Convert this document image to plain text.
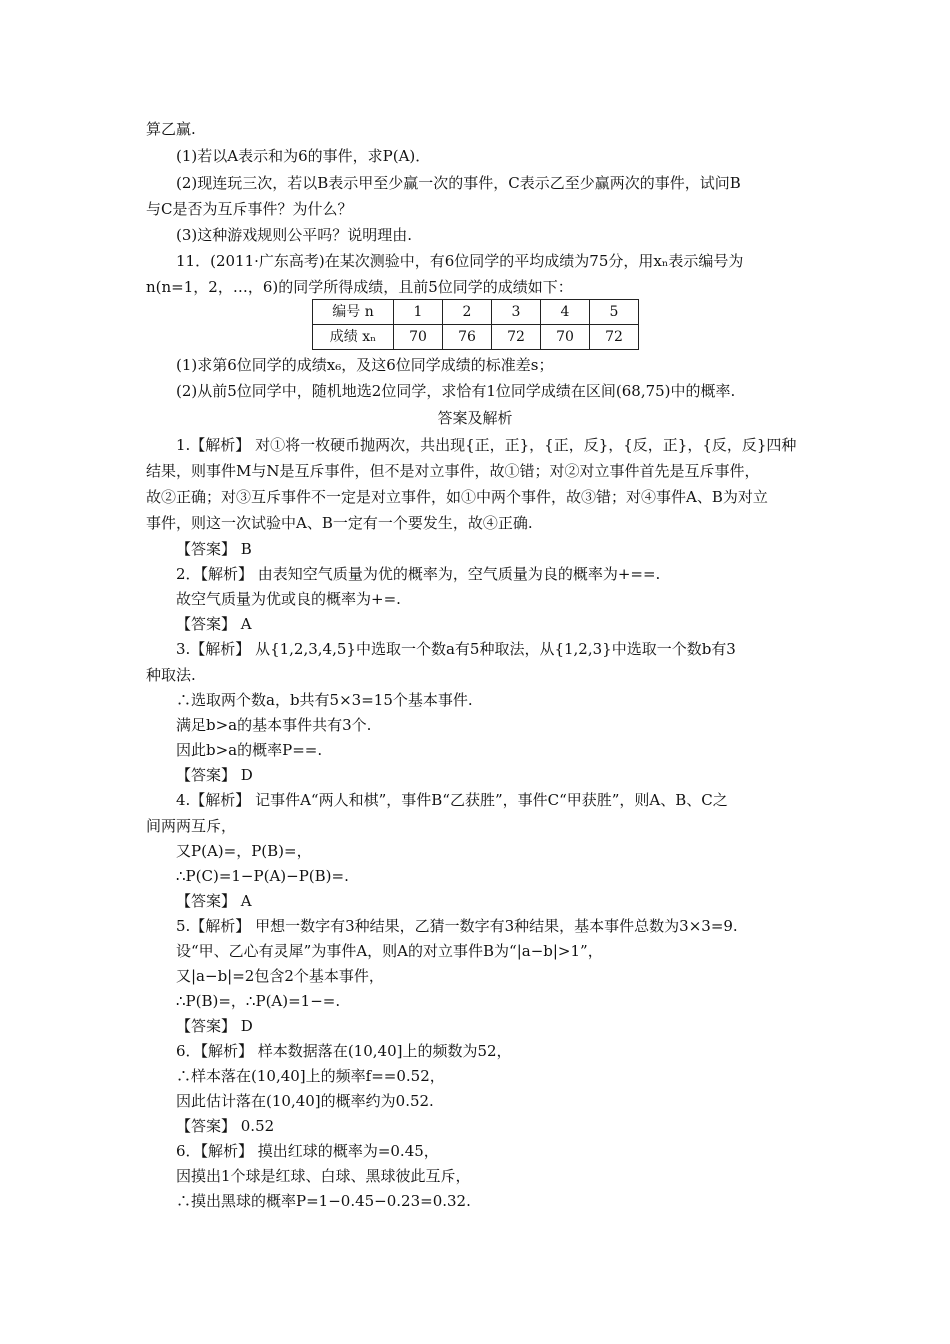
算乙赢.
(1)若以A表示和为6的事件，求P(A)．
(2)现连玩三次，若以B表示甲至少赢一次的事件，C表示乙至少赢两次的事件，试问B
与C是否为互斥事件？为什么？
(3)这种游戏规则公平吗？说明理由.
11．(2011·广东高考)在某次测验中，有6位同学的平均成绩为75分，用xₙ表示编号为
n(n=1，2，…，6)的同学所得成绩，且前5位同学的成绩如下：
编号 n	1	2	3	4	5
成绩 xₙ	70	76	72	70	72
(1)求第6位同学的成绩x₆，及这6位同学成绩的标准差s；
(2)从前5位同学中，随机地选2位同学，求恰有1位同学成绩在区间(68,75)中的概率.
答案及解析
1.【解析】 对①将一枚硬币抛两次，共出现{正，正}，{正，反}，{反，正}，{反，反}四种
结果，则事件M与N是互斥事件，但不是对立事件，故①错；对②对立事件首先是互斥事件，
故②正确；对③互斥事件不一定是对立事件，如①中两个事件，故③错；对④事件A、B为对立
事件，则这一次试验中A、B一定有一个要发生，故④正确.
【答案】 B
2．【解析】 由表知空气质量为优的概率为，空气质量为良的概率为+==.
故空气质量为优或良的概率为+=.
【答案】 A
3.【解析】 从{1,2,3,4,5}中选取一个数a有5种取法，从{1,2,3}中选取一个数b有3
种取法.
∴选取两个数a，b共有5×3=15个基本事件.
满足b>a的基本事件共有3个.
因此b>a的概率P==.
【答案】 D
4.【解析】 记事件A“两人和棋”，事件B“乙获胜”，事件C“甲获胜”，则A、B、C之
间两两互斥，
又P(A)=，P(B)=，
∴P(C)=1−P(A)−P(B)=.
【答案】 A
5.【解析】 甲想一数字有3种结果，乙猜一数字有3种结果，基本事件总数为3×3=9.
设“甲、乙心有灵犀”为事件A，则A的对立事件B为“|a−b|>1”，
又|a−b|=2包含2个基本事件，
∴P(B)=，∴P(A)=1−=.
【答案】 D
6．【解析】 样本数据落在(10,40]上的频数为52，
∴样本落在(10,40]上的频率f==0.52，
因此估计落在(10,40]的概率约为0.52.
【答案】 0.52
6．【解析】 摸出红球的概率为=0.45，
因摸出1个球是红球、白球、黑球彼此互斥，
∴摸出黑球的概率P=1−0.45−0.23=0.32.
